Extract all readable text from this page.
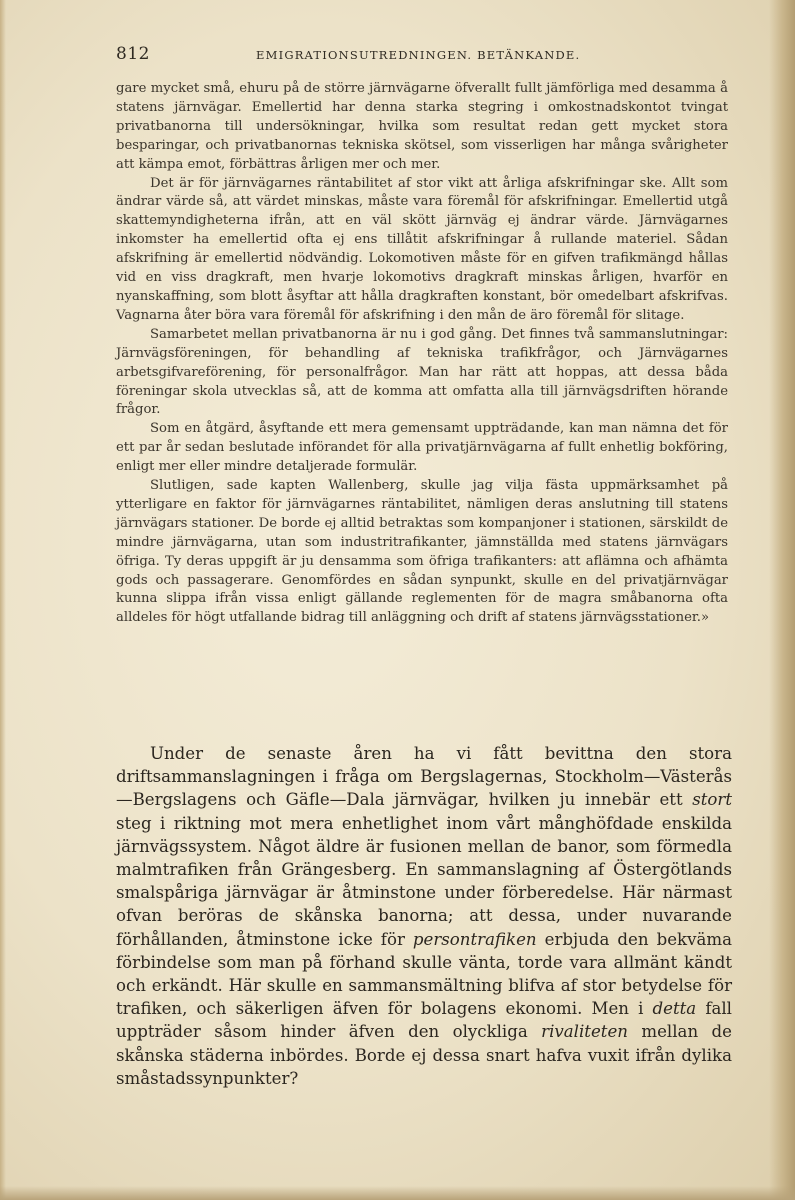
812	EMIGRATIONSUTREDNINGEN. BETÄNKANDE.

gare mycket små, ehuru på de större järnvägarne öfverallt fullt jämförliga med desamma å statens järnvägar. Emellertid har denna starka stegring i omkostnadskontot tvingat privatbanorna till undersökningar, hvilka som resultat redan gett mycket stora besparingar, och privatbanornas tekniska skötsel, som visserligen har många svårigheter att kämpa emot, förbättras årligen mer och mer.

Det är för järnvägarnes räntabilitet af stor vikt att årliga afskrifningar ske. Allt som ändrar värde så, att värdet minskas, måste vara föremål för afskrifningar. Emellertid utgå skattemyndigheterna ifrån, att en väl skött järnväg ej ändrar värde. Järnvägarnes inkomster ha emellertid ofta ej ens tillåtit afskrifningar å rullande materiel. Sådan afskrifning är emellertid nödvändig. Lokomotiven måste för en gifven trafikmängd hållas vid en viss dragkraft, men hvarje lokomotivs dragkraft minskas årligen, hvarför en nyanskaffning, som blott åsyftar att hålla dragkraften konstant, bör omedelbart afskrifvas. Vagnarna åter böra vara föremål för afskrifning i den mån de äro föremål för slitage.

Samarbetet mellan privatbanorna är nu i god gång. Det finnes två sammanslutningar: Järnvägsföreningen, för behandling af tekniska trafikfrågor, och Järnvägarnes arbetsgifvareförening, för personalfrågor. Man har rätt att hoppas, att dessa båda föreningar skola utvecklas så, att de komma att omfatta alla till järnvägsdriften hörande frågor.

Som en åtgärd, åsyftande ett mera gemensamt uppträdande, kan man nämna det för ett par år sedan beslutade införandet för alla privatjärnvägarna af fullt enhetlig bokföring, enligt mer eller mindre detaljerade formulär.

Slutligen, sade kapten Wallenberg, skulle jag vilja fästa uppmärksamhet på ytterligare en faktor för järnvägarnes räntabilitet, nämligen deras anslutning till statens järnvägars stationer. De borde ej alltid betraktas som kompanjoner i stationen, särskildt de mindre järnvägarna, utan som industritrafikanter, jämnställda med statens järnvägars öfriga. Ty deras uppgift är ju densamma som öfriga trafikanters: att aflämna och afhämta gods och passagerare. Genomfördes en sådan synpunkt, skulle en del privatjärnvägar kunna slippa ifrån vissa enligt gällande reglementen för de magra småbanorna ofta alldeles för högt utfallande bidrag till anläggning och drift af statens järnvägsstationer.»

Under de senaste åren ha vi fått bevittna den stora driftsammanslagningen i fråga om Bergslagernas, Stockholm—Västerås—Bergslagens och Gäfle—Dala järnvägar, hvilken ju innebär ett stort steg i riktning mot mera enhetlighet inom vårt månghöfdade enskilda järnvägssystem. Något äldre är fusionen mellan de banor, som förmedla malmtrafiken från Grängesberg. En sammanslagning af Östergötlands smalspåriga järnvägar är åtminstone under förberedelse. Här närmast ofvan beröras de skånska banorna; att dessa, under nuvarande förhållanden, åtminstone icke för persontrafiken erbjuda den bekväma förbindelse som man på förhand skulle vänta, torde vara allmänt kändt och erkändt. Här skulle en sammansmältning blifva af stor betydelse för trafiken, och säkerligen äfven för bolagens ekonomi. Men i detta fall uppträder såsom hinder äfven den olyckliga rivaliteten mellan de skånska städerna inbördes. Borde ej dessa snart hafva vuxit ifrån dylika småstadssynpunkter?
